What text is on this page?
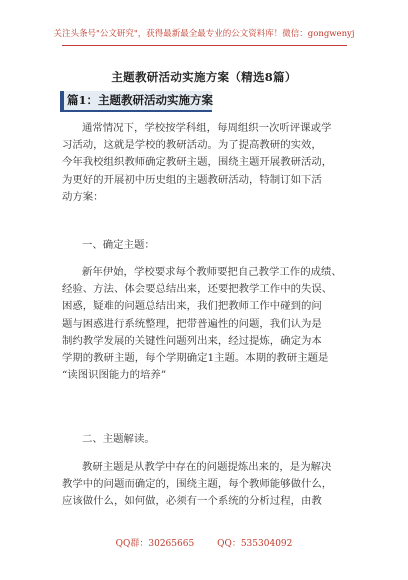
关注头条号"公文研究"，获得最新最全最专业的公文资料库！微信：gongwenyj
主题教研活动实施方案（精选8篇）
篇1：主题教研活动实施方案
通常情况下，学校按学科组，每周组织一次听评课或学
习活动，这就是学校的教研活动。为了提高教研的实效，
今年我校组织教师确定教研主题，围绕主题开展教研活动，
为更好的开展初中历史组的主题教研活动，特制订如下活
动方案：
一、确定主题：
新年伊始，学校要求每个教师要把自己教学工作的成绩、
经验、方法、体会要总结出来，还要把教学工作中的失误、
困惑，疑难的问题总结出来，我们把教师工作中碰到的问
题与困惑进行系统整理，把带普遍性的问题，我们认为是
制约教学发展的关键性问题列出来，经过提炼，确定为本
学期的教研主题，每个学期确定1主题。本期的教研主题是
“读图识图能力的培养”
二、主题解读。
教研主题是从教学中存在的问题提炼出来的，是为解决
教学中的问题而确定的，围绕主题，每个教师能够做什么，
应该做什么，如何做，必须有一个系统的分析过程，由教
QQ群：30265665	QQ：535304092
